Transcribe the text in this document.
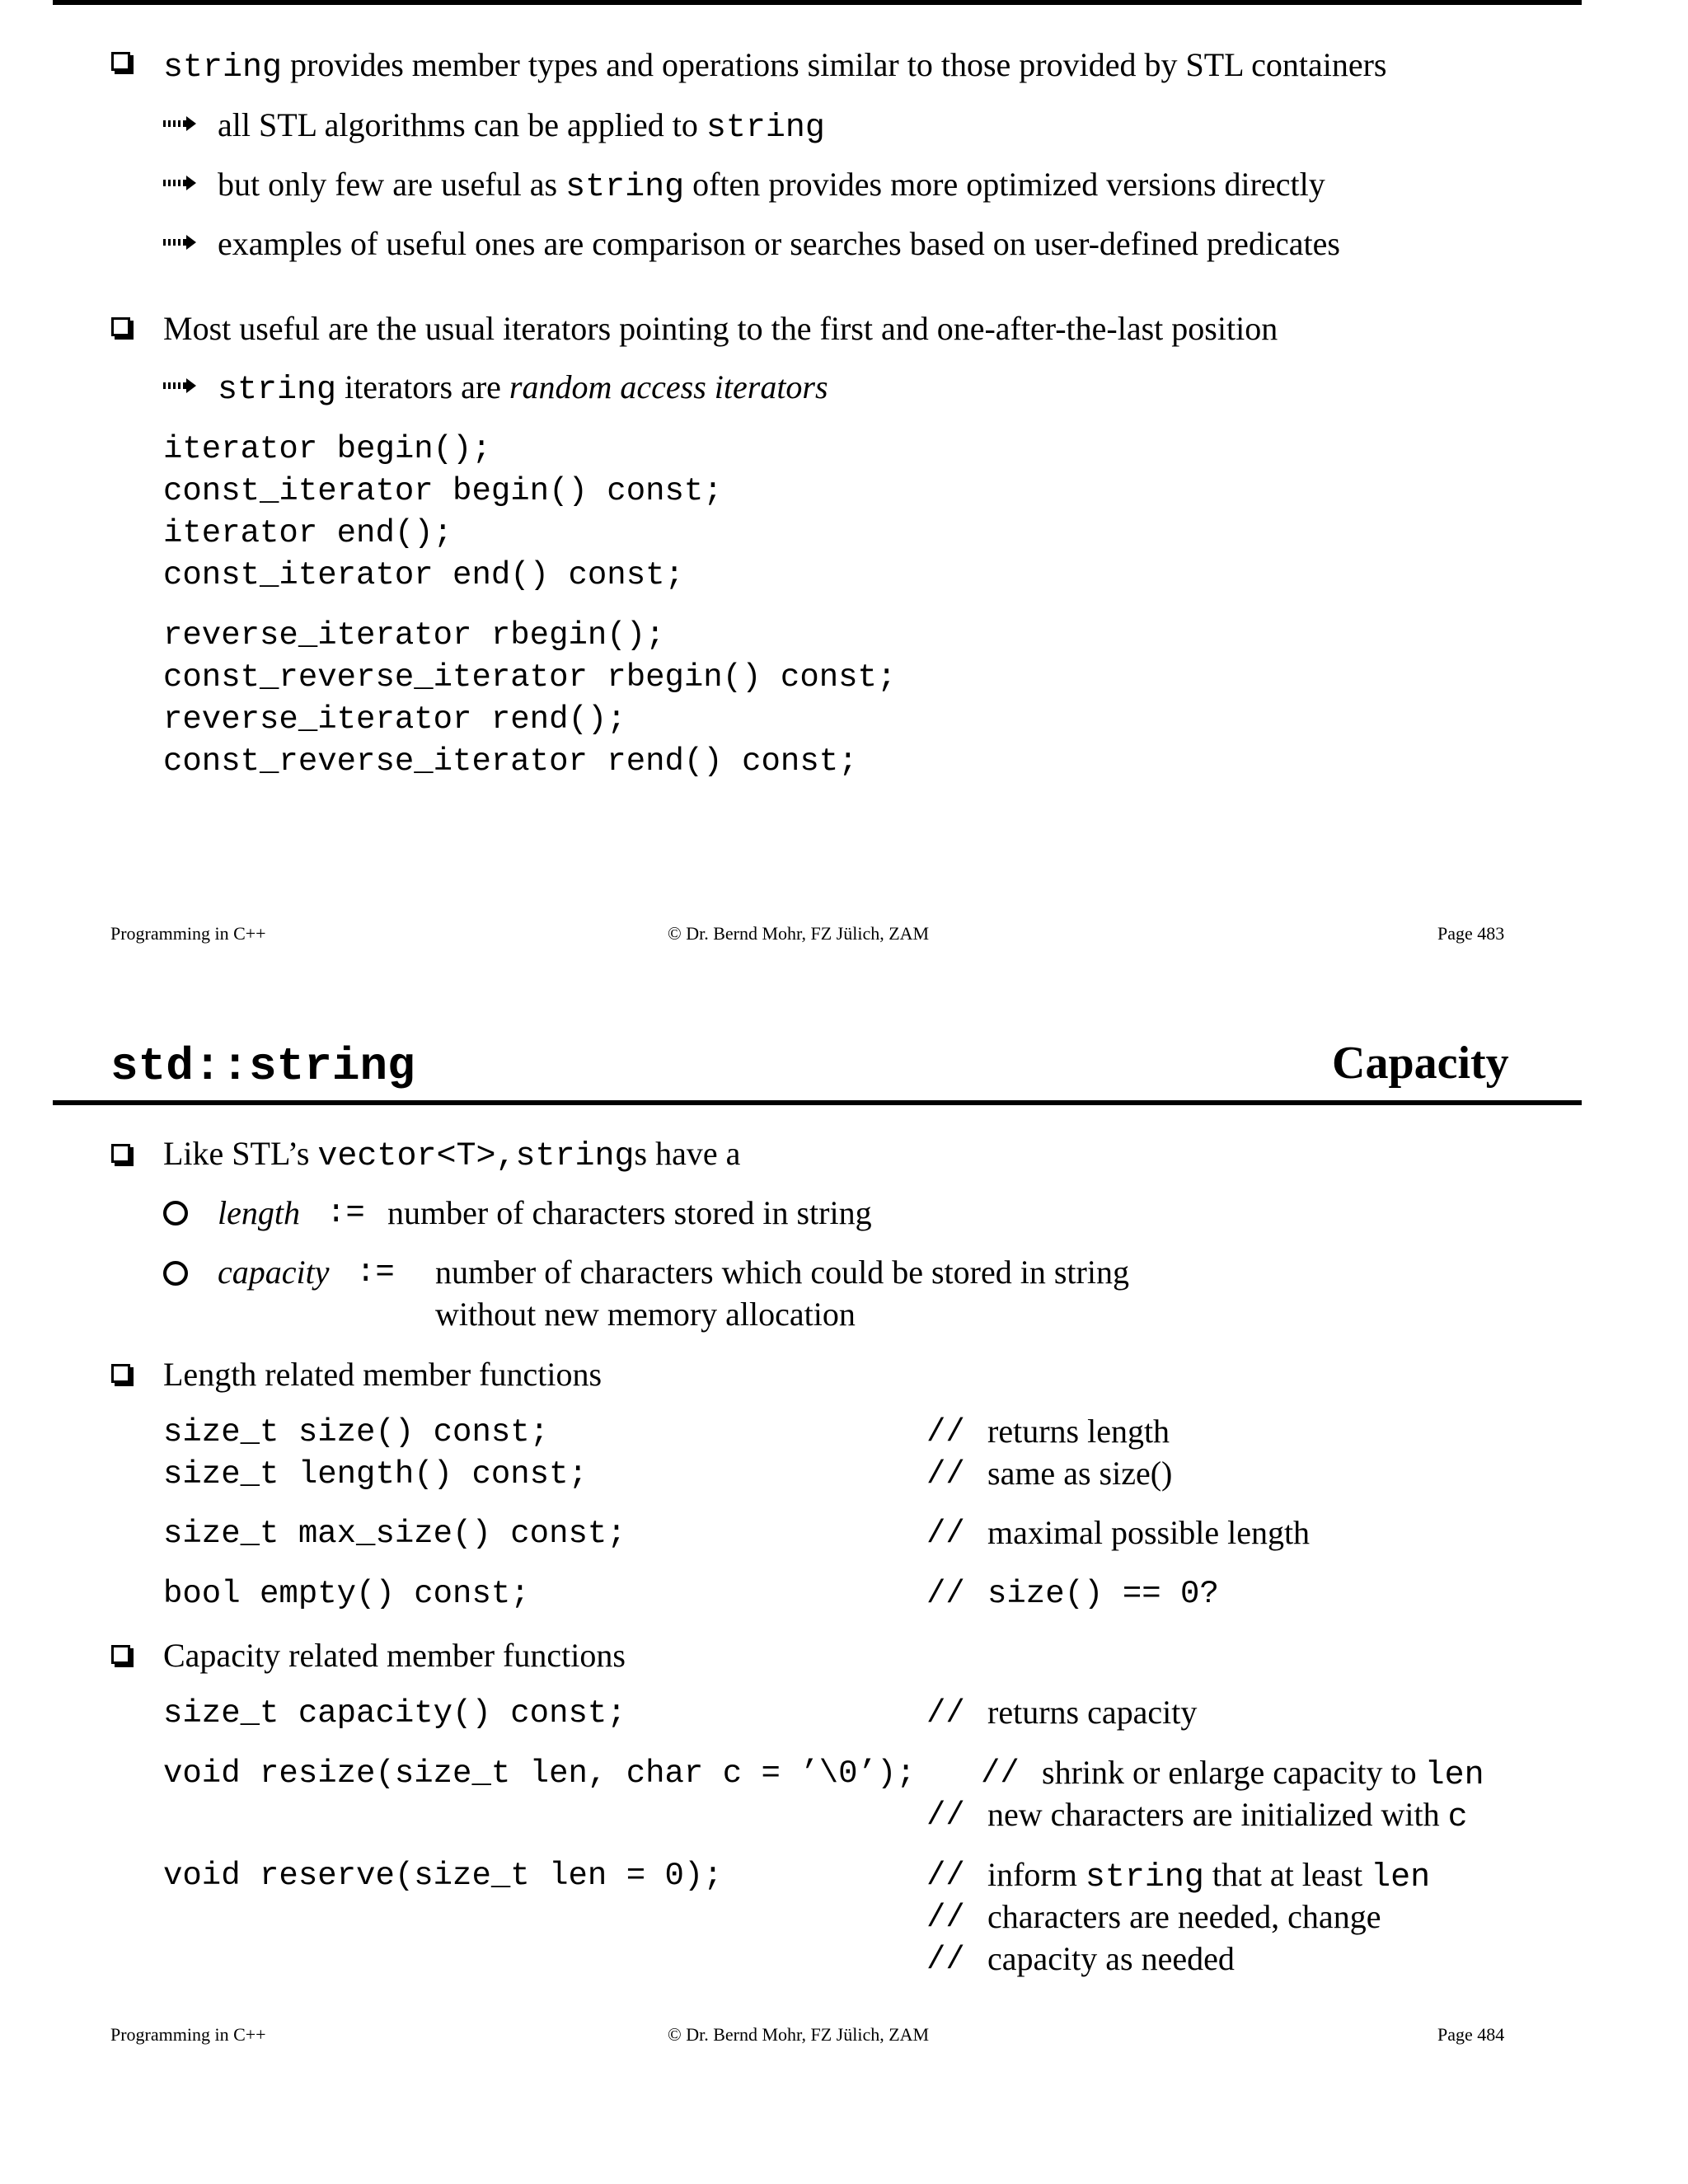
string provides member types and operations similar to those provided by STL containers
all STL algorithms can be applied to string
but only few are useful as string often provides more optimized versions directly
examples of useful ones are comparison or searches based on user-defined predicates
Most useful are the usual iterators pointing to the first and one-after-the-last position
string iterators are random access iterators
iterator begin();
const_iterator begin() const;
iterator end();
const_iterator end() const;
reverse_iterator rbegin();
const_reverse_iterator rbegin() const;
reverse_iterator rend();
const_reverse_iterator rend() const;
Programming in C++	© Dr. Bernd Mohr, FZ Jülich, ZAM	Page 483
std::string	Capacity
Like STL’s vector<T>,strings have a
length := number of characters stored in string
capacity := number of characters which could be stored in string
without new memory allocation
Length related member functions
size_t size() const;	// returns length
size_t length() const;	// same as size()
size_t max_size() const;	// maximal possible length
bool empty() const;	// size() == 0?
Capacity related member functions
size_t capacity() const;	// returns capacity
void resize(size_t len, char c = ’\0’); // shrink or enlarge capacity to len
// new characters are initialized with c
void reserve(size_t len = 0);	// inform string that at least len
// characters are needed, change
// capacity as needed
Programming in C++	© Dr. Bernd Mohr, FZ Jülich, ZAM	Page 484
